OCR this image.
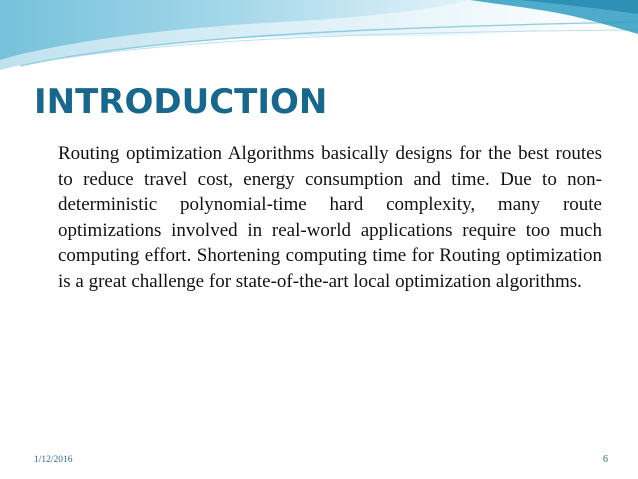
INTRODUCTION

Routing optimization Algorithms basically designs for the best routes to reduce travel cost, energy consumption and time. Due to non-deterministic polynomial-time hard complexity, many route optimizations involved in real-world applications require too much computing effort. Shortening computing time for Routing optimization is a great challenge for state-of-the-art local optimization algorithms.

1/12/2016	6
